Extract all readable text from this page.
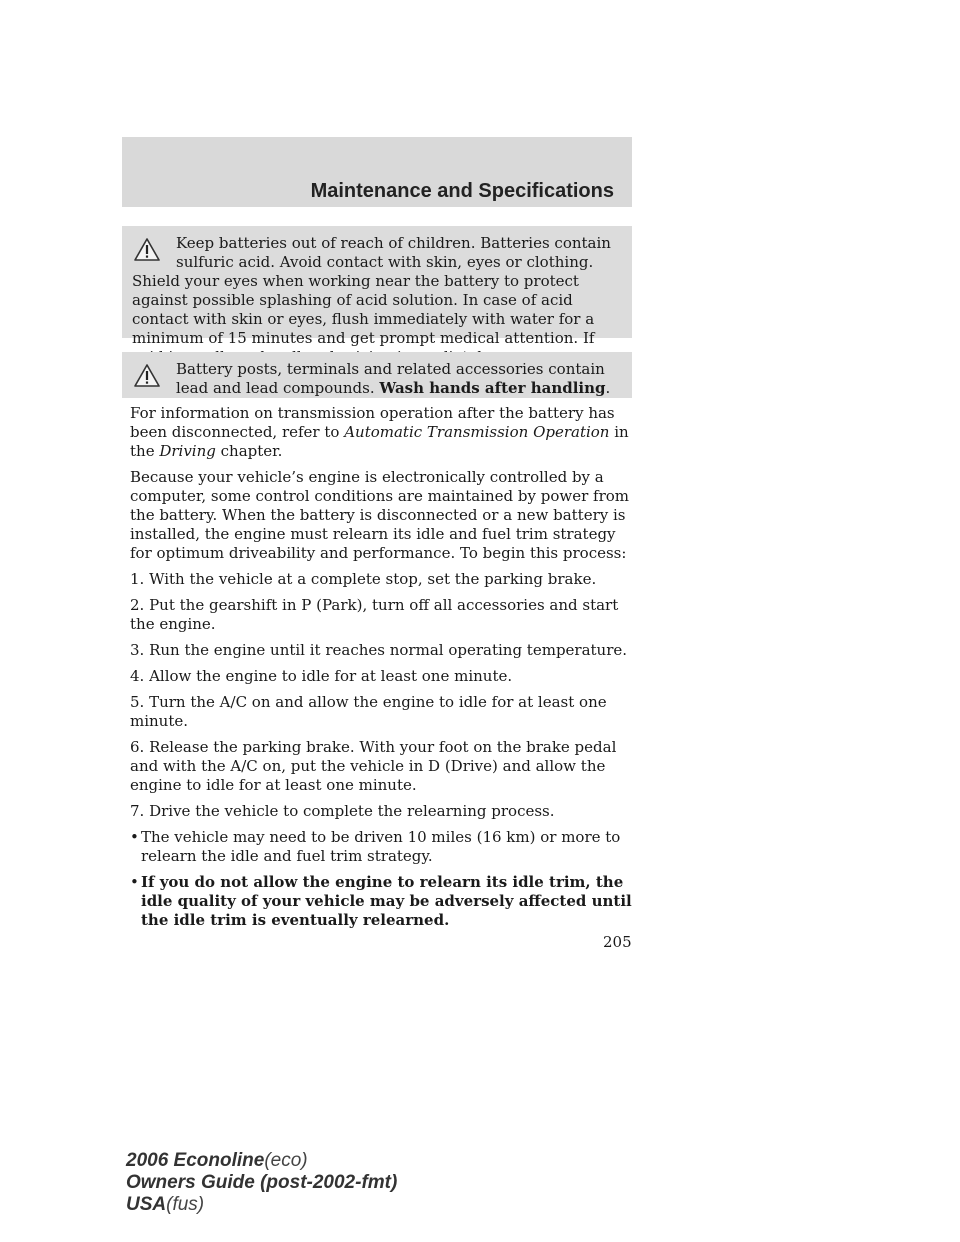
Maintenance and Specifications
Keep batteries out of reach of children. Batteries contain sulfuric acid. Avoid contact with skin, eyes or clothing. Shield your eyes when working near the battery to protect against possible splashing of acid solution. In case of acid contact with skin or eyes, flush immediately with water for a minimum of 15 minutes and get prompt medical attention. If
Battery posts, terminals and related accessories contain lead and lead compounds. Wash hands after handling.

For information on transmission operation after the battery has been disconnected, refer to Automatic Transmission Operation in the Driving chapter.

Because your vehicle’s engine is electronically controlled by a computer, some control conditions are maintained by power from the battery. When the battery is disconnected or a new battery is installed, the engine must relearn its idle and fuel trim strategy for optimum driveability and performance. To begin this process:

1. With the vehicle at a complete stop, set the parking brake.

2. Put the gearshift in P (Park), turn off all accessories and start the engine.

3. Run the engine until it reaches normal operating temperature.

4. Allow the engine to idle for at least one minute.

5. Turn the A/C on and allow the engine to idle for at least one minute.

6. Release the parking brake. With your foot on the brake pedal and with the A/C on, put the vehicle in D (Drive) and allow the engine to idle for at least one minute.

7. Drive the vehicle to complete the relearning process.

• The vehicle may need to be driven 10 miles (16 km) or more to relearn the idle and fuel trim strategy.
• If you do not allow the engine to relearn its idle trim, the idle quality of your vehicle may be adversely affected until the idle trim is eventually relearned.
205
2006 Econoline(eco)
Owners Guide (post-2002-fmt)
USA(fus)
